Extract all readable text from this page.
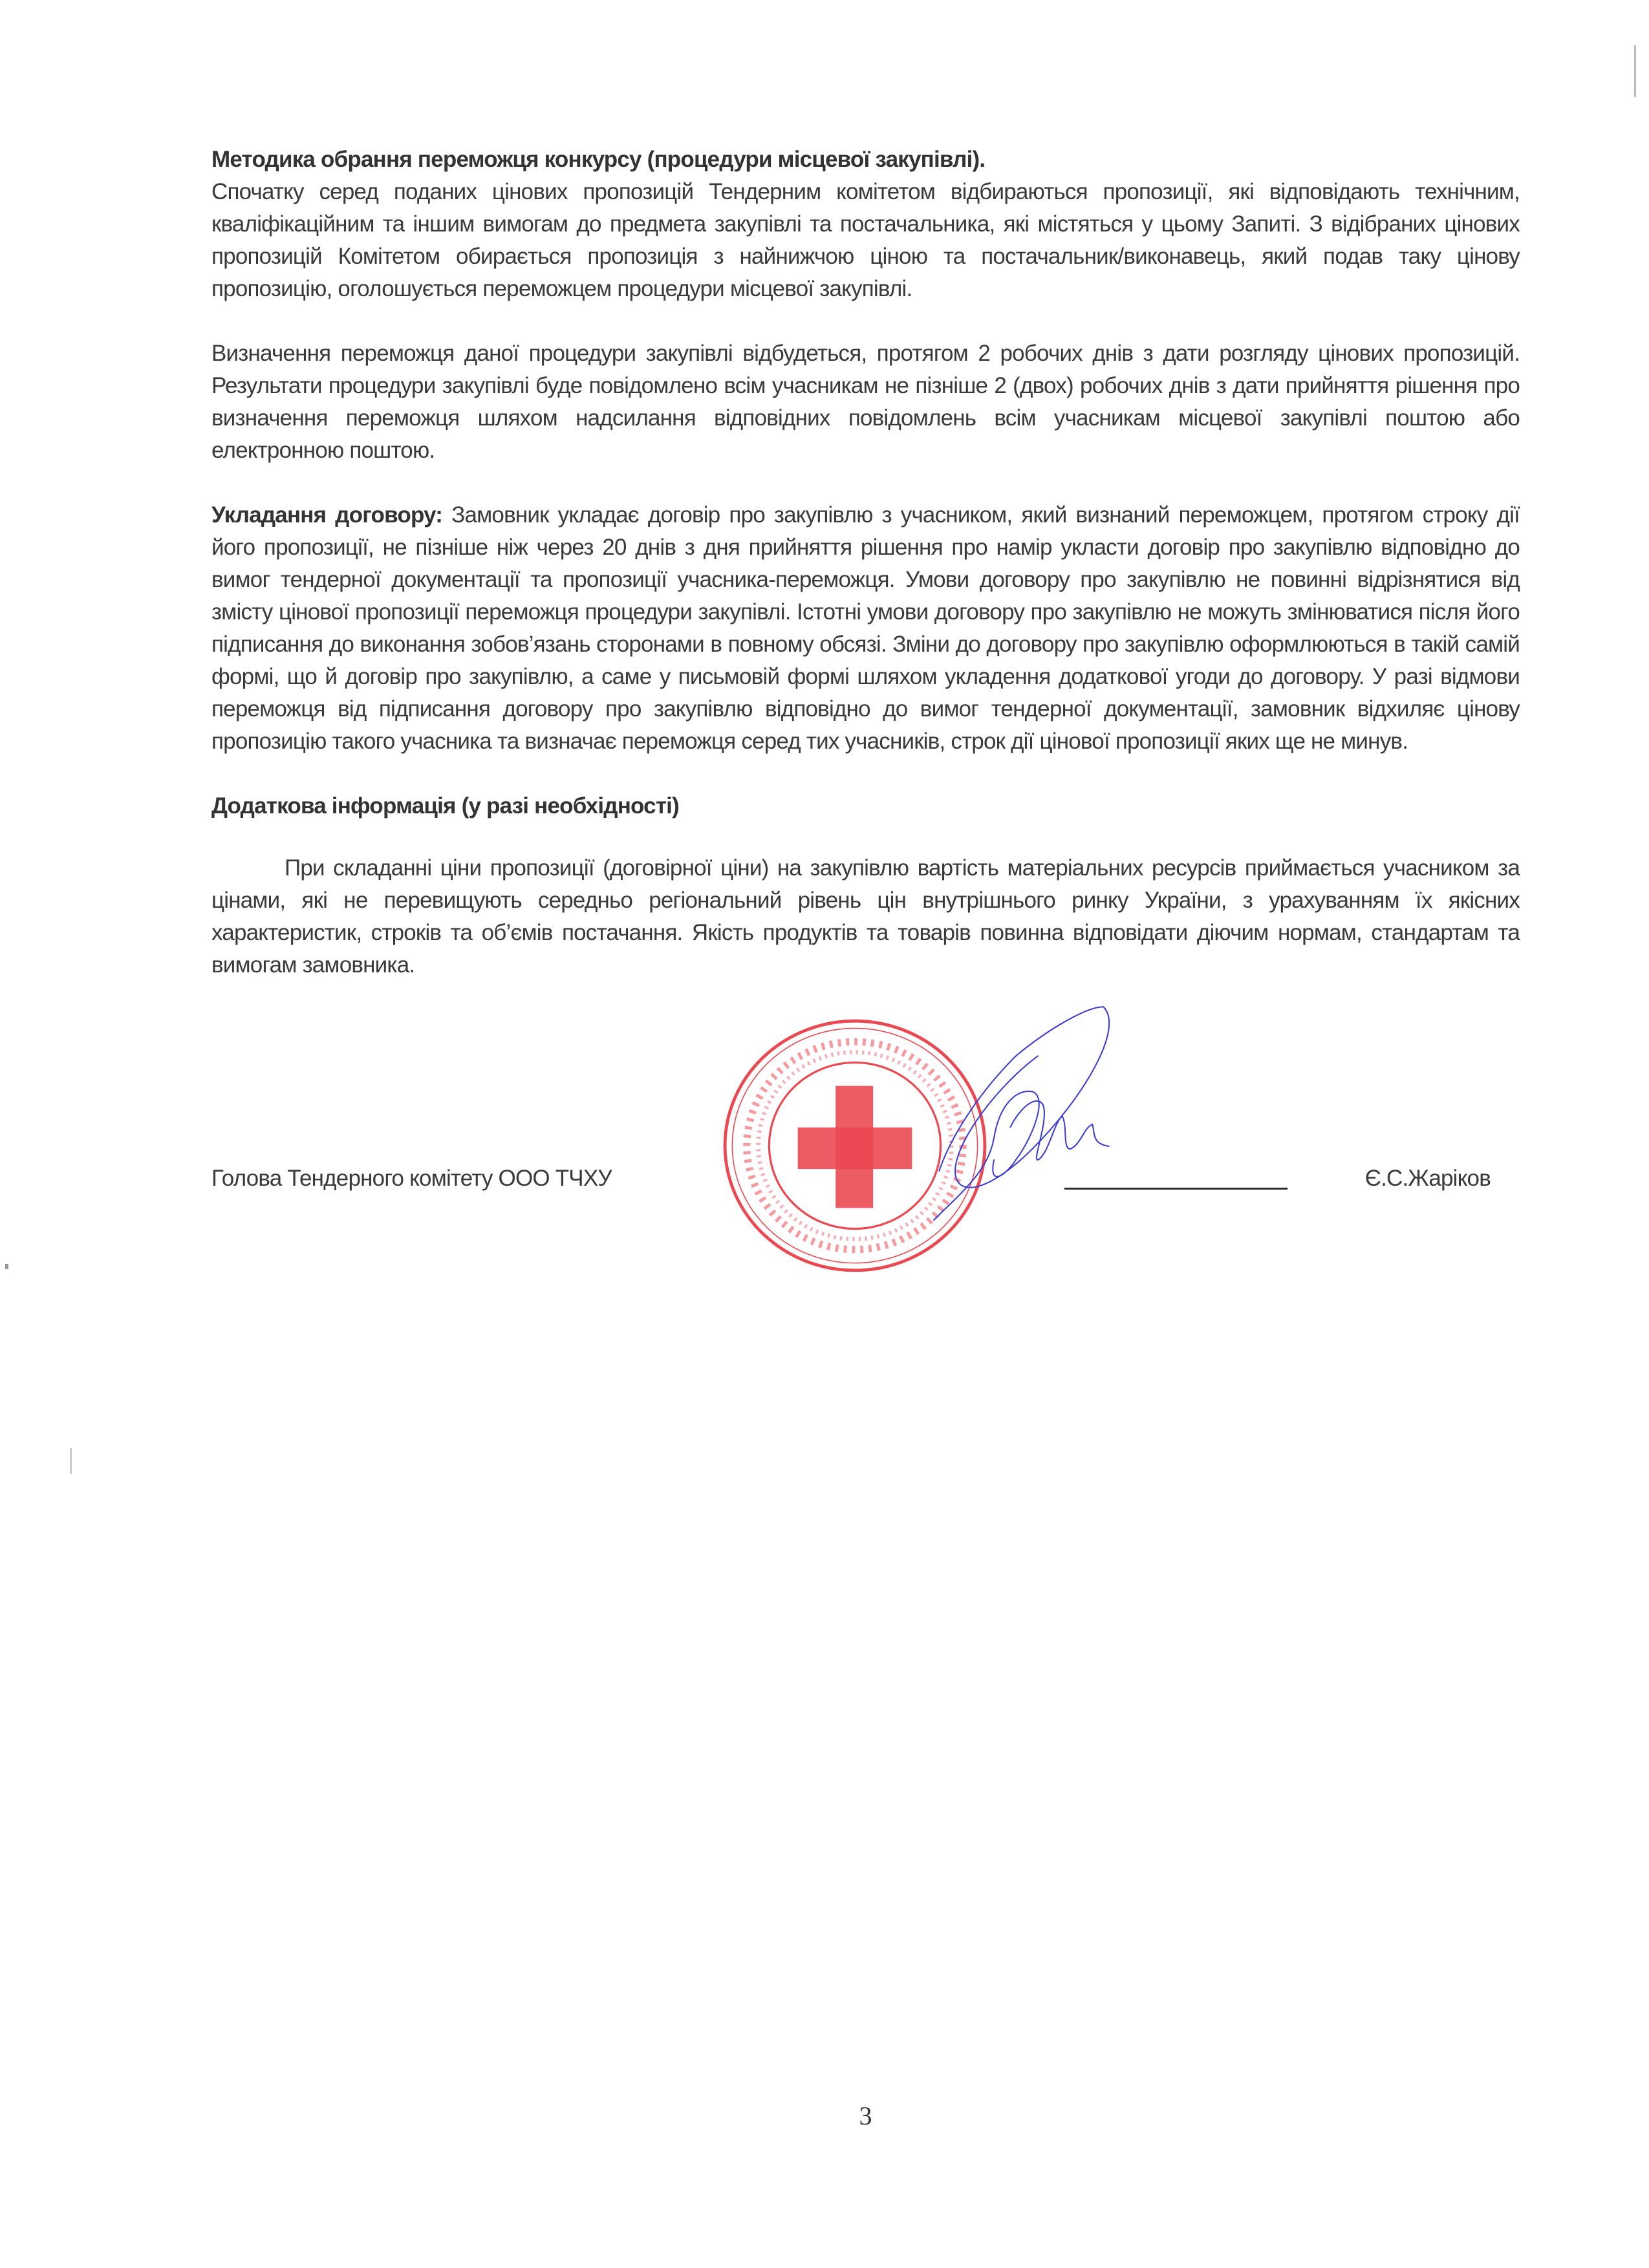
Методика обрання переможця конкурсу (процедури місцевої закупівлі).
Спочатку серед поданих цінових пропозицій Тендерним комітетом відбираються пропозиції, які відповідають технічним, кваліфікаційним та іншим вимогам до предмета закупівлі та постачальника, які містяться у цьому Запиті. З відібраних цінових пропозицій Комітетом обирається пропозиція з найнижчою ціною та постачальник/виконавець, який подав таку цінову пропозицію, оголошується переможцем процедури місцевої закупівлі.
Визначення переможця даної процедури закупівлі відбудеться, протягом 2 робочих днів з дати розгляду цінових пропозицій. Результати процедури закупівлі буде повідомлено всім учасникам не пізніше 2 (двох) робочих днів з дати прийняття рішення про визначення переможця шляхом надсилання відповідних повідомлень всім учасникам місцевої закупівлі поштою або електронною поштою.
Укладання договору: Замовник укладає договір про закупівлю з учасником, який визнаний переможцем, протягом строку дії його пропозиції, не пізніше ніж через 20 днів з дня прийняття рішення про намір укласти договір про закупівлю відповідно до вимог тендерної документації та пропозиції учасника-переможця. Умови договору про закупівлю не повинні відрізнятися від змісту цінової пропозиції переможця процедури закупівлі. Істотні умови договору про закупівлю не можуть змінюватися після його підписання до виконання зобов’язань сторонами в повному обсязі. Зміни до договору про закупівлю оформлюються в такій самій формі, що й договір про закупівлю, а саме у письмовій формі шляхом укладення додаткової угоди до договору. У разі відмови переможця від підписання договору про закупівлю відповідно до вимог тендерної документації, замовник відхиляє цінову пропозицію такого учасника та визначає переможця серед тих учасників, строк дії цінової пропозиції яких ще не минув.
Додаткова інформація (у разі необхідності)
При складанні ціни пропозиції (договірної ціни) на закупівлю вартість матеріальних ресурсів приймається учасником за цінами, які не перевищують середньо регіональний рівень цін внутрішнього ринку України, з урахуванням їх якісних характеристик, строків та об’ємів постачання. Якість продуктів та товарів повинна відповідати діючим нормам, стандартам та вимогам замовника.
Голова Тендерного комітету ООО ТЧХУ	Є.С.Жаріков
3
